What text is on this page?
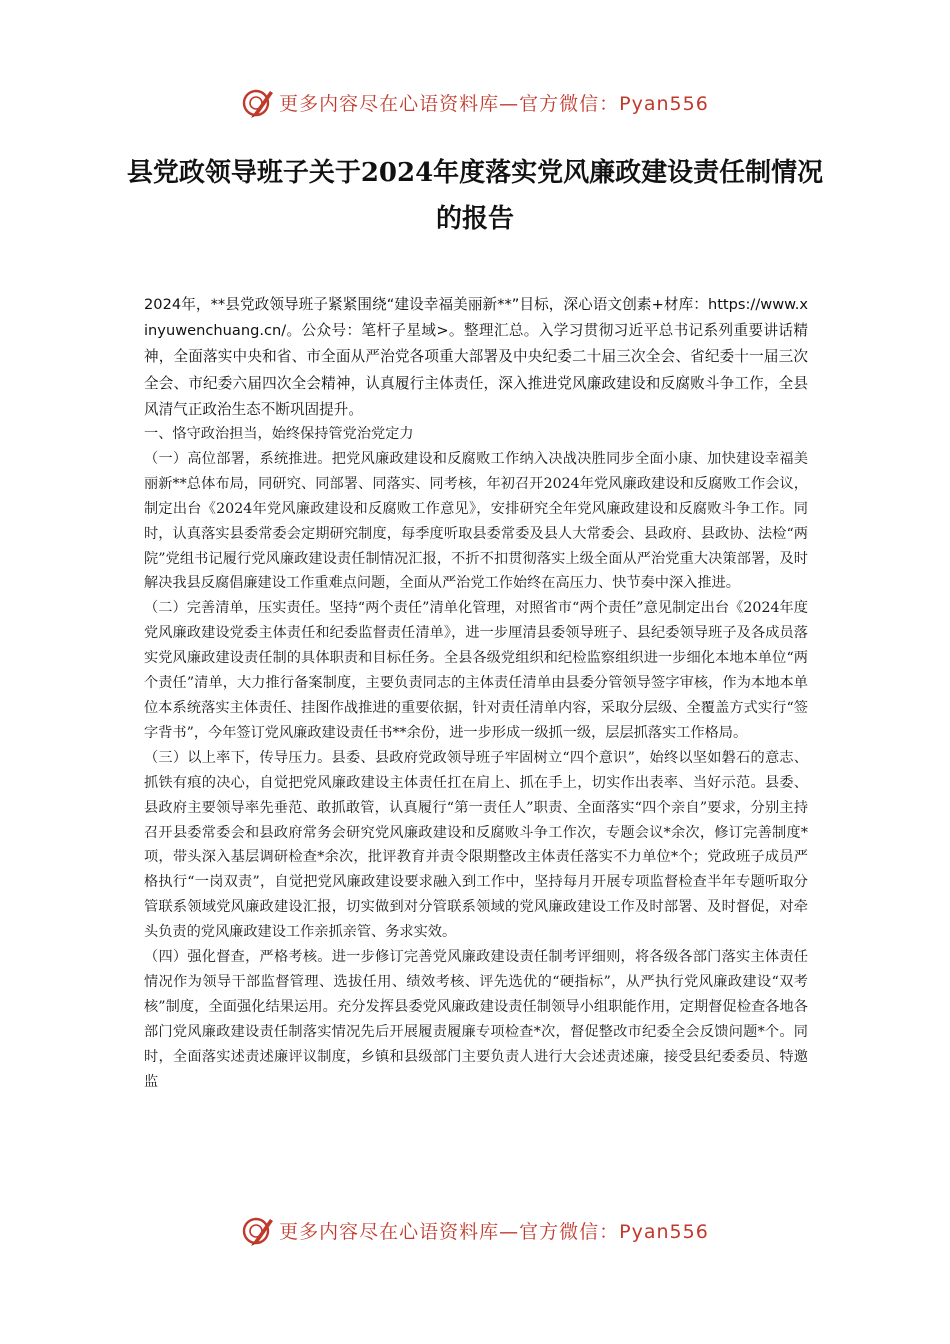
更多内容尽在心语资料库—官方微信：Pyan556
县党政领导班子关于2024年度落实党风廉政建设责任制情况的报告

2024年，**县党政领导班子紧紧围绕“建设幸福美丽新**”目标，深心语文创素+材库：https://www.xinyuwenchuang.cn/。公众号：笔杆子星域>。整理汇总。入学习贯彻习近平总书记系列重要讲话精神，全面落实中央和省、市全面从严治党各项重大部署及中央纪委二十届三次全会、省纪委十一届三次全会、市纪委六届四次全会精神，认真履行主体责任，深入推进党风廉政建设和反腐败斗争工作，全县风清气正政治生态不断巩固提升。

一、恪守政治担当，始终保持管党治党定力

（一）高位部署，系统推进。把党风廉政建设和反腐败工作纳入决战决胜同步全面小康、加快建设幸福美丽新**总体布局，同研究、同部署、同落实、同考核，年初召开2024年党风廉政建设和反腐败工作会议，制定出台《2024年党风廉政建设和反腐败工作意见》，安排研究全年党风廉政建设和反腐败斗争工作。同时，认真落实县委常委会定期研究制度，每季度听取县委常委及县人大常委会、县政府、县政协、法检“两院”党组书记履行党风廉政建设责任制情况汇报，不折不扣贯彻落实上级全面从严治党重大决策部署，及时解决我县反腐倡廉建设工作重难点问题，全面从严治党工作始终在高压力、快节奏中深入推进。

（二）完善清单，压实责任。坚持“两个责任”清单化管理，对照省市“两个责任”意见制定出台《2024年度党风廉政建设党委主体责任和纪委监督责任清单》，进一步厘清县委领导班子、县纪委领导班子及各成员落实党风廉政建设责任制的具体职责和目标任务。全县各级党组织和纪检监察组织进一步细化本地本单位“两个责任”清单，大力推行备案制度，主要负责同志的主体责任清单由县委分管领导签字审核，作为本地本单位本系统落实主体责任、挂图作战推进的重要依据，针对责任清单内容，采取分层级、全覆盖方式实行“签字背书”，今年签订党风廉政建设责任书**余份，进一步形成一级抓一级，层层抓落实工作格局。

（三）以上率下，传导压力。县委、县政府党政领导班子牢固树立“四个意识”，始终以坚如磐石的意志、抓铁有痕的决心，自觉把党风廉政建设主体责任扛在肩上、抓在手上，切实作出表率、当好示范。县委、县政府主要领导率先垂范、敢抓敢管，认真履行“第一责任人”职责、全面落实“四个亲自”要求，分别主持召开县委常委会和县政府常务会研究党风廉政建设和反腐败斗争工作次，专题会议*余次，修订完善制度*项，带头深入基层调研检查*余次，批评教育并责令限期整改主体责任落实不力单位*个；党政班子成员严格执行“一岗双责”，自觉把党风廉政建设要求融入到工作中，坚持每月开展专项监督检查半年专题听取分管联系领域党风廉政建设汇报，切实做到对分管联系领域的党风廉政建设工作及时部署、及时督促，对牵头负责的党风廉政建设工作亲抓亲管、务求实效。

（四）强化督查，严格考核。进一步修订完善党风廉政建设责任制考评细则，将各级各部门落实主体责任情况作为领导干部监督管理、选拔任用、绩效考核、评先选优的“硬指标”，从严执行党风廉政建设“双考核”制度，全面强化结果运用。充分发挥县委党风廉政建设责任制领导小组职能作用，定期督促检查各地各部门党风廉政建设责任制落实情况先后开展履责履廉专项检查*次，督促整改市纪委全会反馈问题*个。同时，全面落实述责述廉评议制度，乡镇和县级部门主要负责人进行大会述责述廉，接受县纪委委员、特邀监

更多内容尽在心语资料库—官方微信：Pyan556
